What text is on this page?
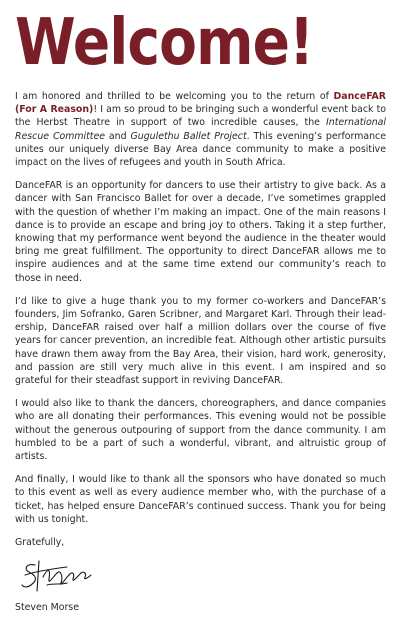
Welcome!

I am honored and thrilled to be welcoming you to the return of DanceFAR (For A Reason)! I am so proud to be bringing such a wonderful event back to the Herbst Theatre in support of two incredible causes, the International Rescue Committee and Gugulethu Ballet Project. This evening’s performance unites our uniquely diverse Bay Area dance community to make a positive impact on the lives of refugees and youth in South Africa.

DanceFAR is an opportunity for dancers to use their artistry to give back. As a dancer with San Francisco Ballet for over a decade, I’ve sometimes grappled with the question of whether I’m making an impact. One of the main reasons I dance is to provide an escape and bring joy to others. Taking it a step further, knowing that my performance went beyond the audience in the theater would bring me great fulfillment. The opportunity to direct DanceFAR allows me to inspire audiences and at the same time extend our community’s reach to those in need.

I’d like to give a huge thank you to my former co-workers and DanceFAR’s founders, Jim Sofranko, Garen Scribner, and Margaret Karl. Through their leadership, DanceFAR raised over half a million dollars over the course of five years for cancer prevention, an incredible feat. Although other artistic pursuits have drawn them away from the Bay Area, their vision, hard work, generosity, and passion are still very much alive in this event. I am inspired and so grateful for their steadfast support in reviving DanceFAR.

I would also like to thank the dancers, choreographers, and dance companies who are all donating their performances. This evening would not be possible without the generous outpouring of support from the dance community. I am humbled to be a part of such a wonderful, vibrant, and altruistic group of artists.

And finally, I would like to thank all the sponsors who have donated so much to this event as well as every audience member who, with the purchase of a ticket, has helped ensure DanceFAR’s continued success. Thank you for being with us tonight.

Gratefully,

Steven Morse
